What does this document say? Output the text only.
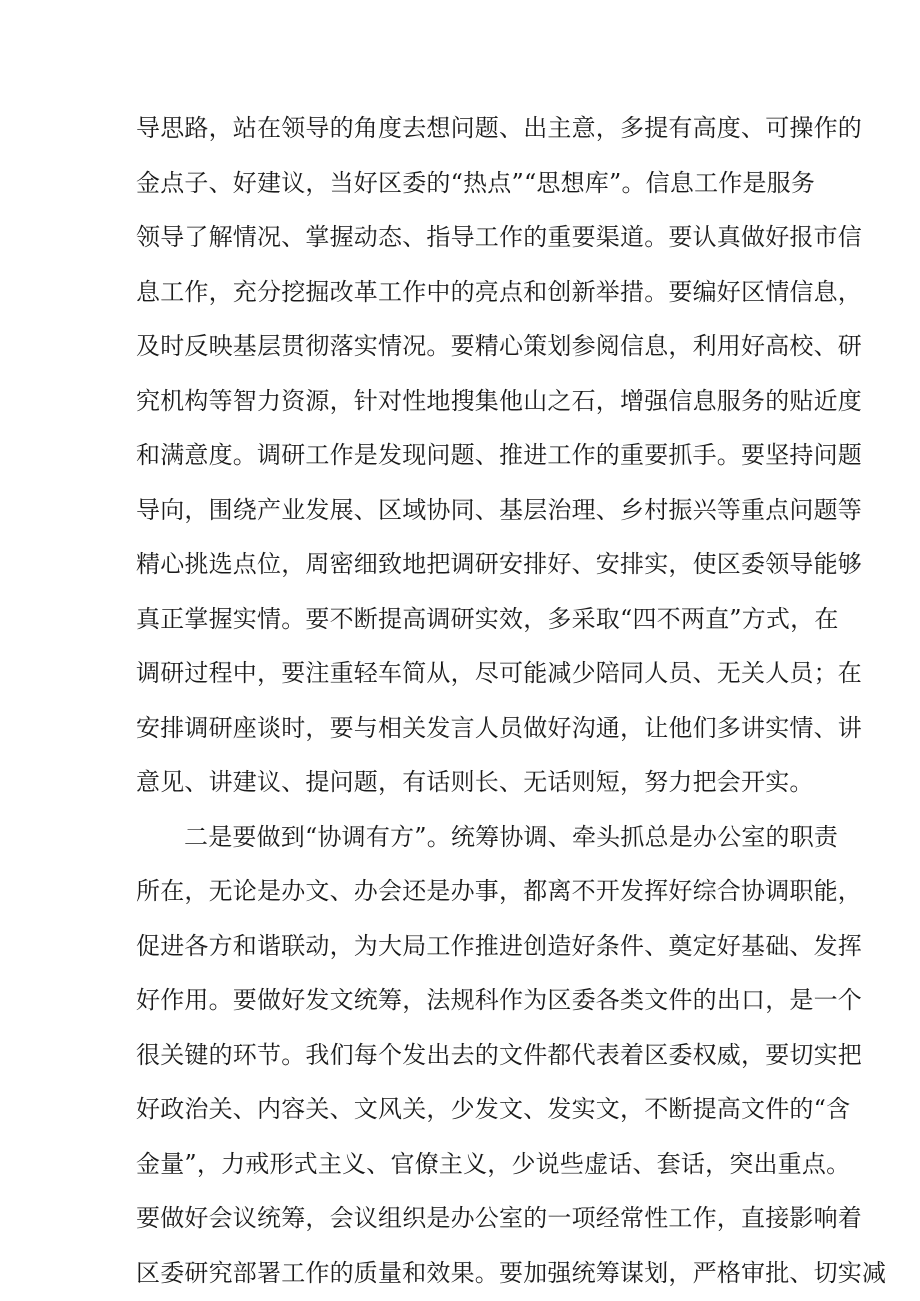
导思路，站在领导的角度去想问题、出主意，多提有高度、可操作的
金点子、好建议，当好区委的“热点”“思想库”。信息工作是服务
领导了解情况、掌握动态、指导工作的重要渠道。要认真做好报市信
息工作，充分挖掘改革工作中的亮点和创新举措。要编好区情信息，
及时反映基层贯彻落实情况。要精心策划参阅信息，利用好高校、研
究机构等智力资源，针对性地搜集他山之石，增强信息服务的贴近度
和满意度。调研工作是发现问题、推进工作的重要抓手。要坚持问题
导向，围绕产业发展、区域协同、基层治理、乡村振兴等重点问题等
精心挑选点位，周密细致地把调研安排好、安排实，使区委领导能够
真正掌握实情。要不断提高调研实效，多采取“四不两直”方式，在
调研过程中，要注重轻车简从，尽可能减少陪同人员、无关人员；在
安排调研座谈时，要与相关发言人员做好沟通，让他们多讲实情、讲
意见、讲建议、提问题，有话则长、无话则短，努力把会开实。
二是要做到“协调有方”。统筹协调、牵头抓总是办公室的职责
所在，无论是办文、办会还是办事，都离不开发挥好综合协调职能，
促进各方和谐联动，为大局工作推进创造好条件、奠定好基础、发挥
好作用。要做好发文统筹，法规科作为区委各类文件的出口，是一个
很关键的环节。我们每个发出去的文件都代表着区委权威，要切实把
好政治关、内容关、文风关，少发文、发实文，不断提高文件的“含
金量”，力戒形式主义、官僚主义，少说些虚话、套话，突出重点。
要做好会议统筹，会议组织是办公室的一项经常性工作，直接影响着
区委研究部署工作的质量和效果。要加强统筹谋划，严格审批、切实减
